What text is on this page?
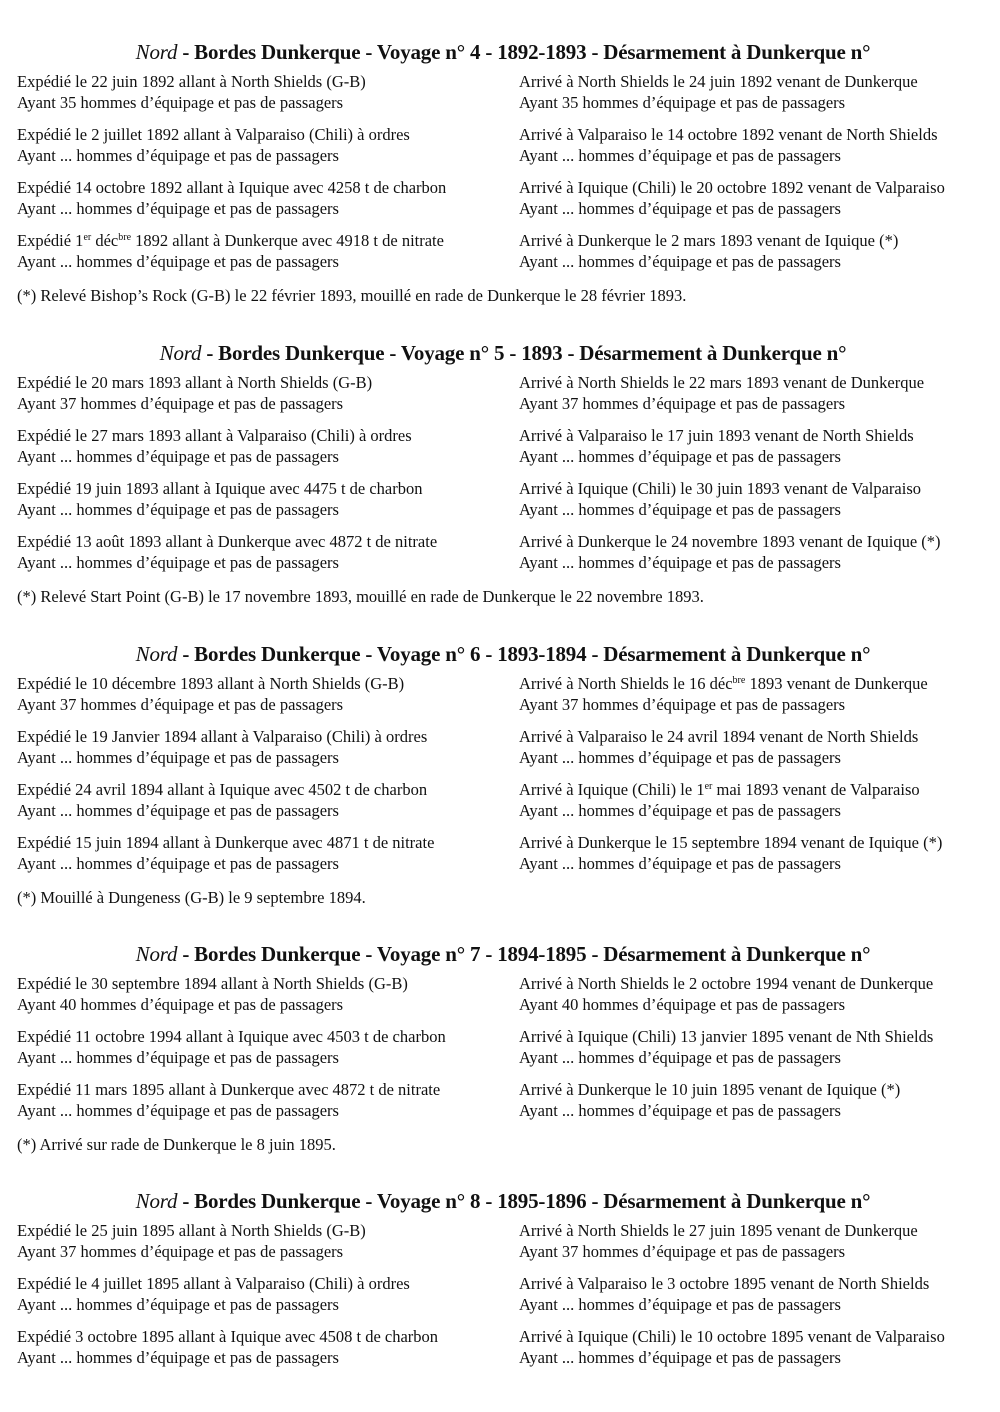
Nord - Bordes Dunkerque - Voyage n° 4 - 1892-1893 - Désarmement à Dunkerque n°
Expédié le 22 juin 1892 allant à North Shields (G-B)
Ayant 35 hommes d’équipage et pas de passagers
Arrivé à North Shields le 24 juin 1892 venant de Dunkerque
Ayant 35 hommes d’équipage et pas de passagers
Expédié le 2 juillet 1892 allant à Valparaiso (Chili) à ordres
Ayant ... hommes d’équipage et pas de passagers
Arrivé à Valparaiso le 14 octobre 1892 venant de North Shields
Ayant ... hommes d’équipage et pas de passagers
Expédié 14 octobre 1892 allant à Iquique avec 4258 t de charbon
Ayant ... hommes d’équipage et pas de passagers
Arrivé à Iquique (Chili) le 20 octobre 1892 venant de Valparaiso
Ayant ... hommes d’équipage et pas de passagers
Expédié 1er déc$^{bre}$ 1892 allant à Dunkerque avec 4918 t de nitrate
Ayant ... hommes d’équipage et pas de passagers
Arrivé à Dunkerque le 2 mars 1893 venant de Iquique (*)
Ayant ... hommes d’équipage et pas de passagers
(*) Relevé Bishop’s Rock (G-B) le 22 février 1893, mouillé en rade de Dunkerque le 28 février 1893.
Nord - Bordes Dunkerque - Voyage n° 5 - 1893 - Désarmement à Dunkerque n°
Expédié le 20 mars 1893 allant à North Shields (G-B)
Ayant 37 hommes d’équipage et pas de passagers
Arrivé à North Shields le 22 mars 1893 venant de Dunkerque
Ayant 37 hommes d’équipage et pas de passagers
Expédié le 27 mars 1893 allant à Valparaiso (Chili) à ordres
Ayant ... hommes d’équipage et pas de passagers
Arrivé à Valparaiso le 17 juin 1893 venant de North Shields
Ayant ... hommes d’équipage et pas de passagers
Expédié 19 juin 1893 allant à Iquique avec 4475 t de charbon
Ayant ... hommes d’équipage et pas de passagers
Arrivé à Iquique (Chili) le 30 juin 1893 venant de Valparaiso
Ayant ... hommes d’équipage et pas de passagers
Expédié 13 août 1893 allant à Dunkerque avec 4872 t de nitrate
Ayant ... hommes d’équipage et pas de passagers
Arrivé à Dunkerque le 24 novembre 1893 venant de Iquique (*)
Ayant ... hommes d’équipage et pas de passagers
(*) Relevé Start Point (G-B) le 17 novembre 1893, mouillé en rade de Dunkerque le 22 novembre 1893.
Nord - Bordes Dunkerque - Voyage n° 6 - 1893-1894 - Désarmement à Dunkerque n°
Expédié le 10 décembre 1893 allant à North Shields (G-B)
Ayant 37 hommes d’équipage et pas de passagers
Arrivé à North Shields le 16 déc$^{bre}$ 1893 venant de Dunkerque
Ayant 37 hommes d’équipage et pas de passagers
Expédié le 19 Janvier 1894 allant à Valparaiso (Chili) à ordres
Ayant ... hommes d’équipage et pas de passagers
Arrivé à Valparaiso le 24 avril 1894 venant de North Shields
Ayant ... hommes d’équipage et pas de passagers
Expédié 24 avril 1894 allant à Iquique avec 4502 t de charbon
Ayant ... hommes d’équipage et pas de passagers
Arrivé à Iquique (Chili) le 1er mai 1893 venant de Valparaiso
Ayant ... hommes d’équipage et pas de passagers
Expédié 15 juin 1894 allant à Dunkerque avec 4871 t de nitrate
Ayant ... hommes d’équipage et pas de passagers
Arrivé à Dunkerque le 15 septembre 1894 venant de Iquique (*)
Ayant ... hommes d’équipage et pas de passagers
(*) Mouillé à Dungeness (G-B) le 9 septembre 1894.
Nord - Bordes Dunkerque - Voyage n° 7 - 1894-1895 - Désarmement à Dunkerque n°
Expédié le 30 septembre 1894 allant à North Shields (G-B)
Ayant 40 hommes d’équipage et pas de passagers
Arrivé à North Shields le 2 octobre 1994 venant de Dunkerque
Ayant 40 hommes d’équipage et pas de passagers
Expédié 11 octobre 1994 allant à Iquique avec 4503 t de charbon
Ayant ... hommes d’équipage et pas de passagers
Arrivé à Iquique (Chili) 13 janvier 1895 venant de Nth Shields
Ayant ... hommes d’équipage et pas de passagers
Expédié 11 mars 1895 allant à Dunkerque avec 4872 t de nitrate
Ayant ... hommes d’équipage et pas de passagers
Arrivé à Dunkerque le 10 juin 1895 venant de Iquique (*)
Ayant ... hommes d’équipage et pas de passagers
(*) Arrivé sur rade de Dunkerque le 8 juin 1895.
Nord - Bordes Dunkerque - Voyage n° 8 - 1895-1896 - Désarmement à Dunkerque n°
Expédié le 25 juin 1895 allant à North Shields (G-B)
Ayant 37 hommes d’équipage et pas de passagers
Arrivé à North Shields le 27 juin 1895 venant de Dunkerque
Ayant 37 hommes d’équipage et pas de passagers
Expédié le 4 juillet 1895 allant à Valparaiso (Chili) à ordres
Ayant ... hommes d’équipage et pas de passagers
Arrivé à Valparaiso le 3 octobre 1895 venant de North Shields
Ayant ... hommes d’équipage et pas de passagers
Expédié 3 octobre 1895 allant à Iquique avec 4508 t de charbon
Ayant ... hommes d’équipage et pas de passagers
Arrivé à Iquique (Chili) le 10 octobre 1895 venant de Valparaiso
Ayant ... hommes d’équipage et pas de passagers
